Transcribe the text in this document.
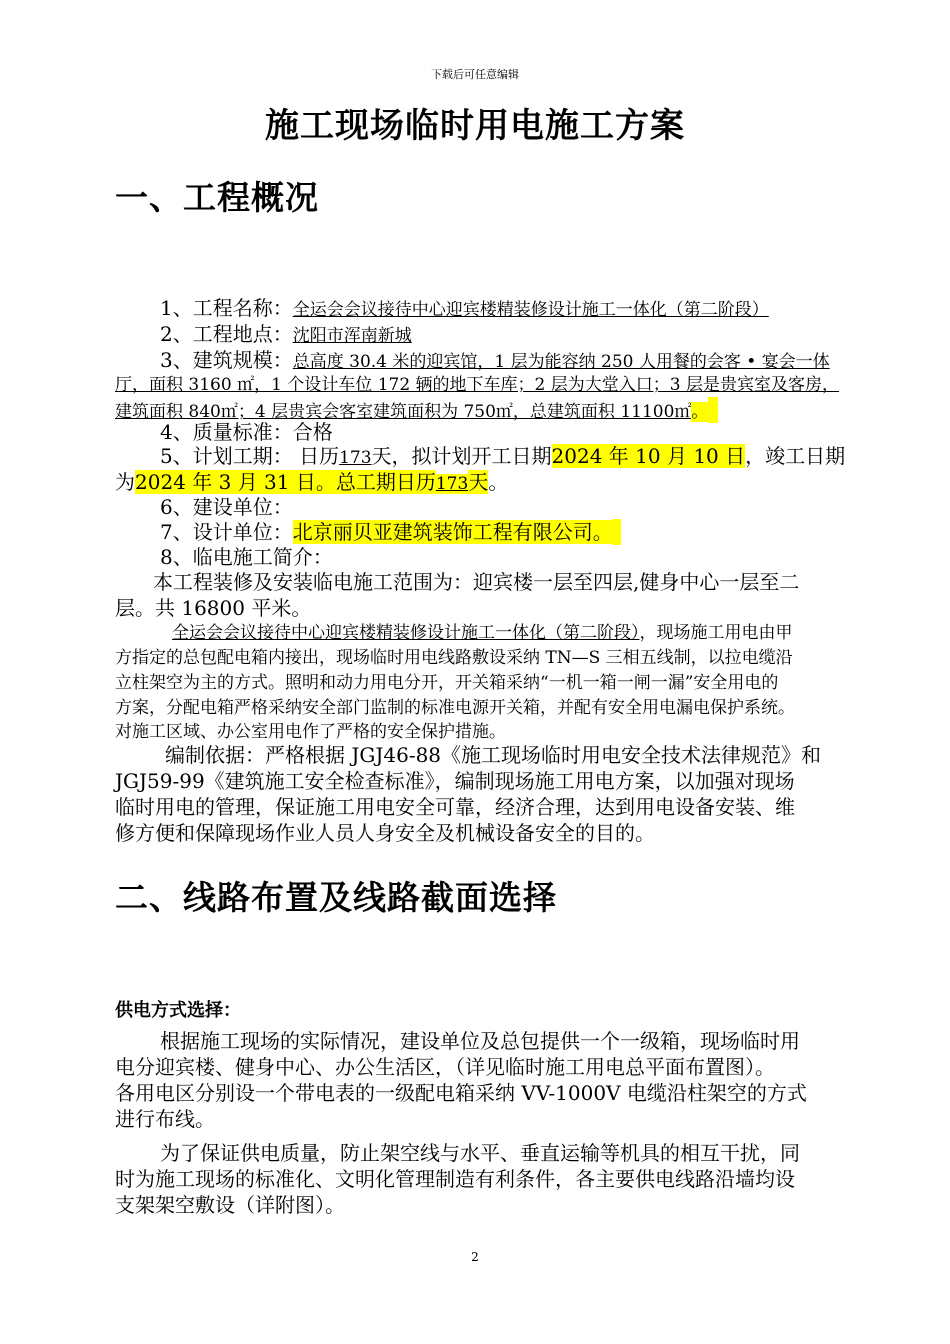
下载后可任意编辑
施工现场临时用电施工方案
一、工程概况
1、工程名称：全运会会议接待中心迎宾楼精装修设计施工一体化（第二阶段）
2、工程地点：沈阳市浑南新城
3、建筑规模：总高度 30.4 米的迎宾馆，1 层为能容纳 250 人用餐的会客 • 宴会一体
厅，面积 3160 ㎡，1 个设计车位 172 辆的地下车库；2 层为大堂入口；3 层是贵宾室及客房，
建筑面积 840㎡；4 层贵宾会客室建筑面积为 750㎡，总建筑面积 11100㎡。
4、质量标准：合格
5、计划工期： 日历173天，拟计划开工日期2024 年 10 月 10 日，竣工日期
为2024 年 3 月 31 日。总工期日历173天。
6、建设单位：
7、设计单位：北京丽贝亚建筑装饰工程有限公司。
8、临电施工简介：
本工程装修及安装临电施工范围为：迎宾楼一层至四层,健身中心一层至二
层。共 16800 平米。
全运会会议接待中心迎宾楼精装修设计施工一体化（第二阶段），现场施工用电由甲
方指定的总包配电箱内接出，现场临时用电线路敷设采纳 TN—S 三相五线制，以拉电缆沿
立柱架空为主的方式。照明和动力用电分开，开关箱采纳“一机一箱一闸一漏”安全用电的
方案，分配电箱严格采纳安全部门监制的标准电源开关箱，并配有安全用电漏电保护系统。
对施工区域、办公室用电作了严格的安全保护措施。
编制依据：严格根据 JGJ46-88《施工现场临时用电安全技术法律规范》和
JGJ59-99《建筑施工安全检查标准》，编制现场施工用电方案，以加强对现场
临时用电的管理，保证施工用电安全可靠，经济合理，达到用电设备安装、维
修方便和保障现场作业人员人身安全及机械设备安全的目的。
二、线路布置及线路截面选择
供电方式选择：
根据施工现场的实际情况，建设单位及总包提供一个一级箱，现场临时用
电分迎宾楼、健身中心、办公生活区，（详见临时施工用电总平面布置图）。
各用电区分别设一个带电表的一级配电箱采纳 VV-1000V 电缆沿柱架空的方式
进行布线。
为了保证供电质量，防止架空线与水平、垂直运输等机具的相互干扰，同
时为施工现场的标准化、文明化管理制造有利条件，各主要供电线路沿墙均设
支架架空敷设（详附图）。
2
